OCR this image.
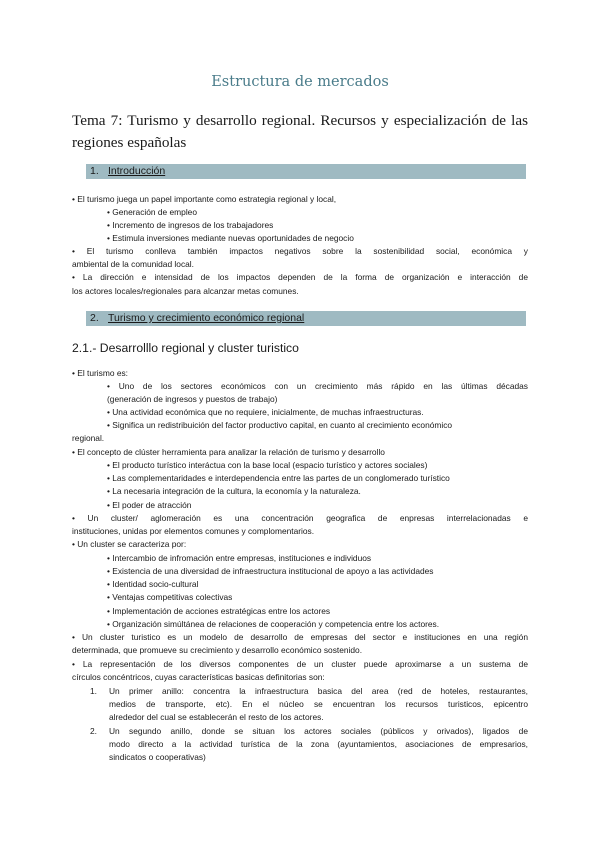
Estructura de mercados
Tema 7: Turismo y desarrollo regional. Recursos y especialización de las regiones españolas
1. Introducción
• El turismo juega un papel importante como estrategia regional y local,
• Generación de empleo
• Incremento de ingresos de los trabajadores
• Estimula inversiones mediante nuevas oportunidades de negocio
• El turismo conlleva también impactos negativos sobre la sostenibilidad social, económica y
ambiental de la comunidad local.
• La dirección e intensidad de los impactos dependen de la forma de organización e interacción de
los actores locales/regionales para alcanzar metas comunes.
2. Turismo y crecimiento económico regional
2.1.- Desarrolllo regional y cluster turistico
• El turismo es:
• Uno de los sectores económicos con un crecimiento más rápido en las últimas décadas
(generación de ingresos y puestos de trabajo)
• Una actividad económica que no requiere, inicialmente, de muchas infraestructuras.
• Significa un redistribuición del factor productivo capital, en cuanto al crecimiento económico
regional.
• El concepto de clúster herramienta para analizar la relación de turismo y desarrollo
• El producto turístico interáctua con la base local (espacio turístico y actores sociales)
• Las complementaridades e interdependencia entre las partes de un conglomerado turístico
• La necesaria integración de la cultura, la economía y la naturaleza.
• El poder de atracción
• Un cluster/ aglomeración es una concentración geografica de enpresas interrelacionadas e
instituciones, unidas por elementos comunes y complomentarios.
• Un cluster se caracteriza por:
• Intercambio de infromación entre empresas, instituciones e individuos
• Existencia de una diversidad de infraestructura institucional de apoyo a las actividades
• Identidad socio-cultural
• Ventajas competitivas colectivas
• Implementación de acciones estratégicas entre los actores
• Organización simúltánea de relaciones de cooperación y competencia entre los actores.
• Un cluster turistico es un modelo de desarrollo de empresas del sector e instituciones en una región
determinada, que promueve su crecimiento y desarrollo económico sostenido.
• La representación de los diversos componentes de un cluster puede aproximarse a un sustema de
círculos concéntricos, cuyas características basicas definitorias son:
1. Un primer anillo: concentra la infraestructura basica del area (red de hoteles, restaurantes,
medios de transporte, etc). En el núcleo se encuentran los recursos turisticos, epicentro
alrededor del cual se establecerán el resto de los actores.
2. Un segundo anillo, donde se situan los actores sociales (públicos y orivados), ligados de
modo directo a la actividad turística de la zona (ayuntamientos, asociaciones de empresarios,
sindicatos o cooperativas)
